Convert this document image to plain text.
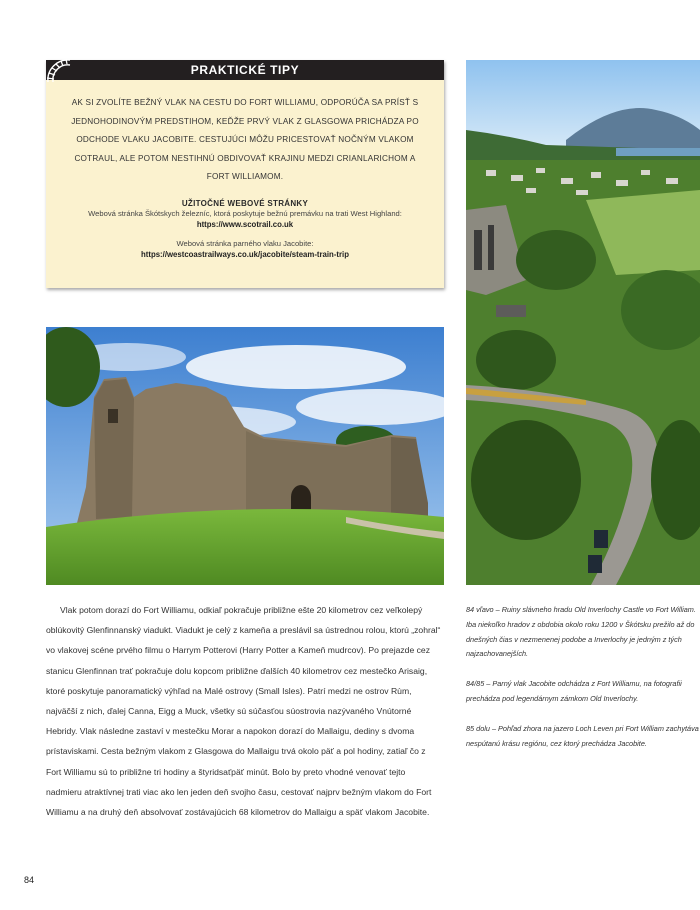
PRAKTICKÉ TIPY

AK SI ZVOLÍTE BEŽNÝ VLAK NA CESTU DO FORT WILLIAMU, ODPORÚČA SA PRÍSŤ S JEDNOHODINOVÝM PREDSTIHOM, KEĎŽE PRVÝ VLAK Z GLASGOWA PRICHÁDZA PO ODCHODE VLAKU JACOBITE. CESTUJÚCI MÔŽU PRICESTOVAŤ NOČNÝM VLAKOM COTRAUL, ALE POTOM NESTIHNÚ OBDIVOVAŤ KRAJINU MEDZI CRIANLARICHOM A FORT WILLIAMOM.

UŽITOČNÉ WEBOVÉ STRÁNKY

Webová stránka Škótskych železníc, ktorá poskytuje bežnú premávku na trati West Highland:

https://www.scotrail.co.uk

Webová stránka parného vlaku Jacobite:

https://westcoastrailways.co.uk/jacobite/steam-train-trip

Vlak potom dorazí do Fort Williamu, odkiaľ pokračuje približne ešte 20 kilometrov cez veľkolepý oblúkovitý Glenfinnanský viadukt. Viadukt je celý z kameňa a preslávil sa ústrednou rolou, ktorú „zohral“ vo vlakovej scéne prvého filmu o Harrym Potterovi (Harry Potter a Kameň mudrcov). Po prejazde cez stanicu Glenfinnan trať pokračuje dolu kopcom približne ďalších 40 kilometrov cez mestečko Arisaig, ktoré poskytuje panoramatický výhľad na Malé ostrovy (Small Isles). Patrí medzi ne ostrov Rùm, najväčší z nich, ďalej Canna, Eigg a Muck, všetky sú súčasťou súostrovia nazývaného Vnútorné Hebridy. Vlak následne zastaví v mestečku Morar a napokon dorazí do Mallaigu, dediny s dvoma prístaviskami. Cesta bežným vlakom z Glasgowa do Mallaigu trvá okolo päť a pol hodiny, zatiaľ čo z Fort Williamu sú to približne tri hodiny a štyridsaťpäť minút. Bolo by preto vhodné venovať tejto nadmieru atraktívnej trati viac ako len jeden deň svojho času, cestovať najprv bežným vlakom do Fort Williamu a na druhý deň absolvovať zostávajúcich 68 kilometrov do Mallaigu a späť vlakom Jacobite.

84 vľavo – Ruiny slávneho hradu Old Inverlochy Castle vo Fort William. Iba niekoľko hradov z obdobia okolo roku 1200 v Škótsku prežilo až do dnešných čias v nezmenenej podobe a Inverlochy je jedným z tých najzachovanejších.

84/85 – Parný vlak Jacobite odchádza z Fort Williamu, na fotografii prechádza pod legendárnym zámkom Old Inverlochy.

85 dolu – Pohľad zhora na jazero Loch Leven pri Fort William zachytáva nespútanú krásu regiónu, cez ktorý prechádza Jacobite.

84
